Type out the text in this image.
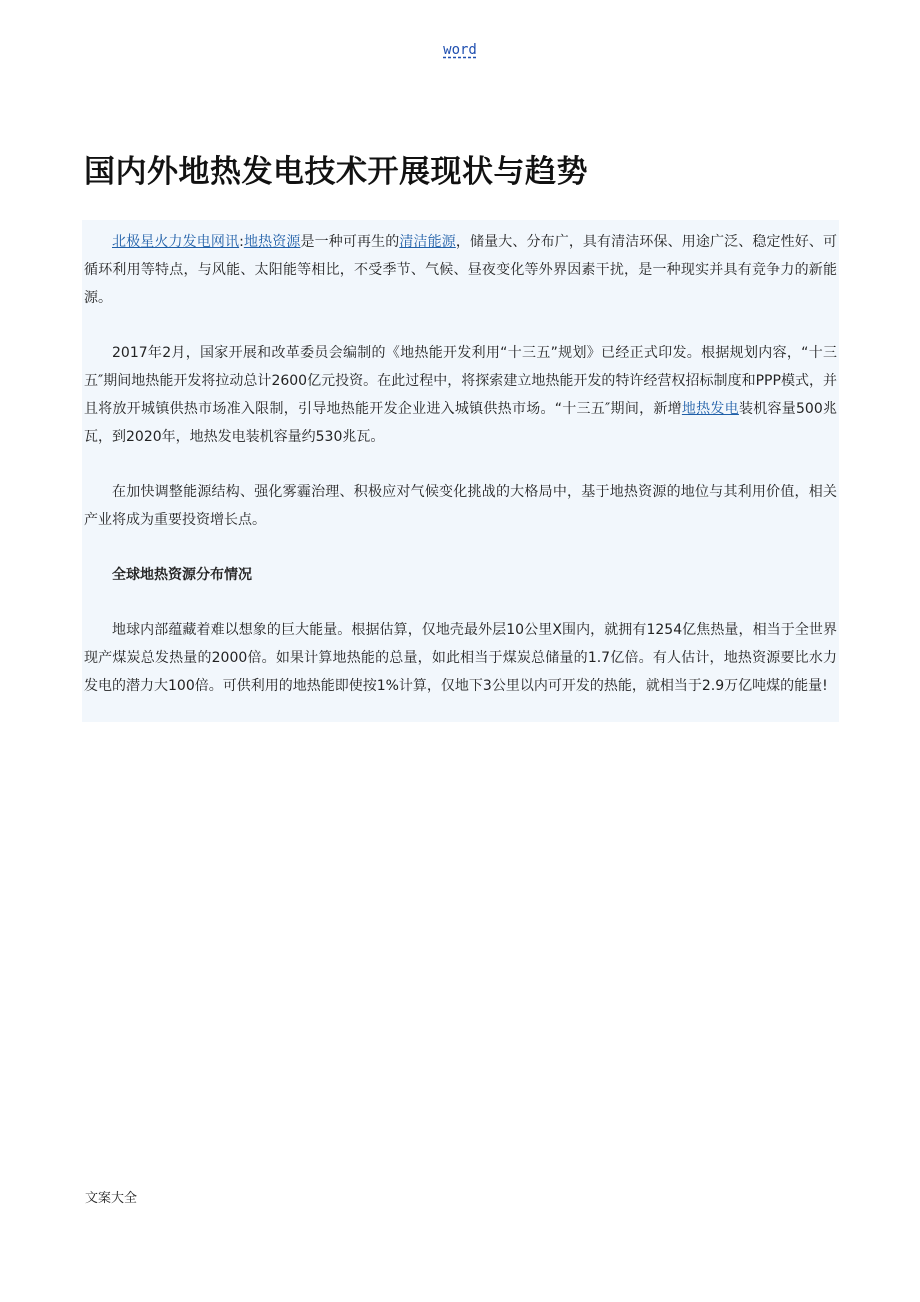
word
国内外地热发电技术开展现状与趋势

北极星火力发电网讯:地热资源是一种可再生的清洁能源，储量大、分布广，具有清洁环保、用途广泛、稳定性好、可循环利用等特点，与风能、太阳能等相比，不受季节、气候、昼夜变化等外界因素干扰，是一种现实并具有竞争力的新能源。

2017年2月，国家开展和改革委员会编制的《地热能开发利用“十三五”规划》已经正式印发。根据规划内容，“十三五″期间地热能开发将拉动总计2600亿元投资。在此过程中，将探索建立地热能开发的特许经营权招标制度和PPP模式，并且将放开城镇供热市场准入限制，引导地热能开发企业进入城镇供热市场。“十三五″期间，新增地热发电装机容量500兆瓦，到2020年，地热发电装机容量约530兆瓦。

在加快调整能源结构、强化雾霾治理、积极应对气候变化挑战的大格局中，基于地热资源的地位与其利用价值，相关产业将成为重要投资增长点。

全球地热资源分布情况

地球内部蕴藏着难以想象的巨大能量。根据估算，仅地壳最外层10公里X围内，就拥有1254亿焦热量，相当于全世界现产煤炭总发热量的2000倍。如果计算地热能的总量，如此相当于煤炭总储量的1.7亿倍。有人估计，地热资源要比水力发电的潜力大100倍。可供利用的地热能即使按1%计算，仅地下3公里以内可开发的热能，就相当于2.9万亿吨煤的能量!

文案大全
